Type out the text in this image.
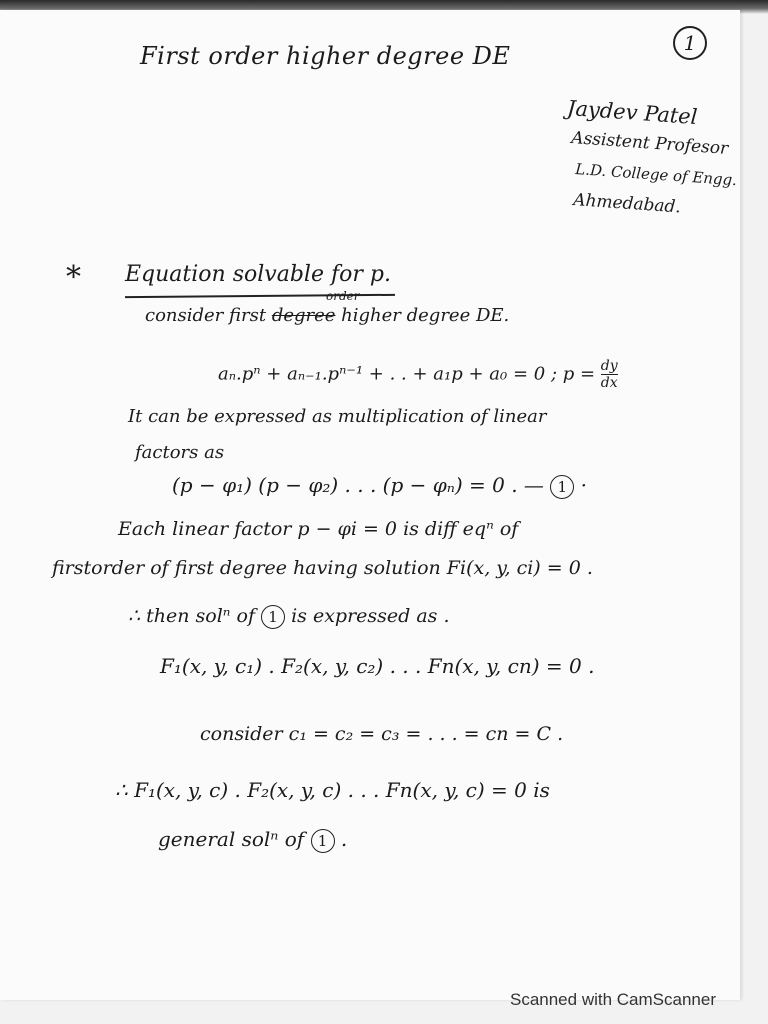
1
First order higher degree DE
Jaydev Patel
Assistent Profesor
L.D. College of Engg.
Ahmedabad.
* Equation solvable for p.
order
consider first degree higher degree DE.
aₙ.pⁿ + aₙ₋₁.pⁿ⁻¹ + . . + a₁p + a₀ = 0 ; $p = \frac{dy}{dx}$
It can be expressed as multiplication of linear
factors as
(p − φ₁) (p − φ₂) . . . (p − φₙ) = 0 . — 1 ·
Each linear factor p − φi = 0 is diff eqⁿ of
firstorder of first degree having solution Fi(x, y, ci) = 0 .
∴ then solⁿ of 1 is expressed as .
F₁(x, y, c₁) . F₂(x, y, c₂) . . . Fn(x, y, cn) = 0 .
consider c₁ = c₂ = c₃ = . . . = cn = C .
∴ F₁(x, y, c) . F₂(x, y, c) . . . Fn(x, y, c) = 0 is
general solⁿ of 1 .
Scanned with CamScanner
